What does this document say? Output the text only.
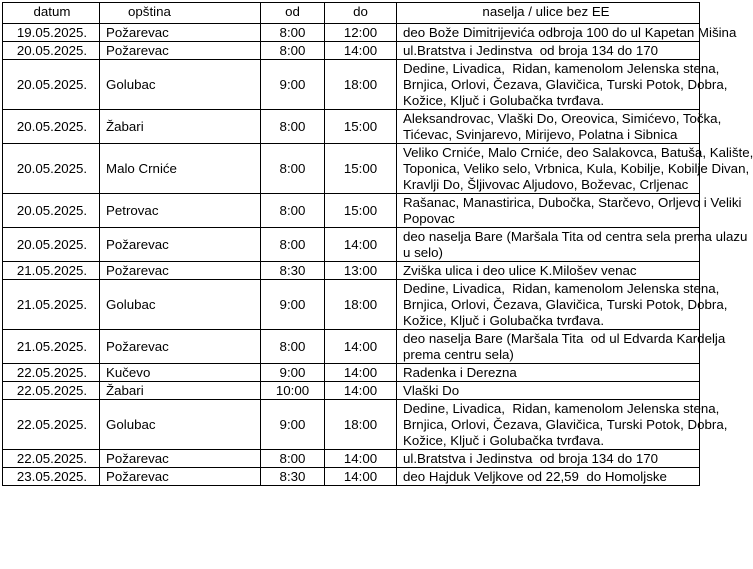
datum	opština	od	do	naselja / ulice bez EE
19.05.2025.	Požarevac	8:00	12:00	deo Bože Dimitrijevića odbroja 100 do ul Kapetan Mišina

20.05.2025.	Požarevac	8:00	14:00	ul.Bratstva i Jedinstva  od broja 134 do 170

20.05.2025.	Golubac	9:00	18:00	Dedine, Livadica,  Ridan, kamenolom Jelenska stena,
Brnjica, Orlovi, Čezava, Glavičica, Turski Potok, Dobra,
Kožice, Ključ i Golubačka tvrđava.

20.05.2025.	Žabari	8:00	15:00	Aleksandrovac, Vlaški Do, Oreovica, Simićevo, Točka,
Tićevac, Svinjarevo, Mirijevo, Polatna i Sibnica

20.05.2025.	Malo Crniće	8:00	15:00	Veliko Crniće, Malo Crniće, deo Salakovca, Batuša, Kalište,
Toponica, Veliko selo, Vrbnica, Kula, Kobilje, Kobilje Divan,
Kravlji Do, Šljivovac Aljudovo, Boževac, Crljenac

20.05.2025.	Petrovac	8:00	15:00	Rašanac, Manastirica, Dubočka, Starčevo, Orljevo i Veliki
Popovac

20.05.2025.	Požarevac	8:00	14:00	deo naselja Bare (Maršala Tita od centra sela prema ulazu
u selo)

21.05.2025.	Požarevac	8:30	13:00	Zviška ulica i deo ulice K.Milošev venac

21.05.2025.	Golubac	9:00	18:00	Dedine, Livadica,  Ridan, kamenolom Jelenska stena,
Brnjica, Orlovi, Čezava, Glavičica, Turski Potok, Dobra,
Kožice, Ključ i Golubačka tvrđava.

21.05.2025.	Požarevac	8:00	14:00	deo naselja Bare (Maršala Tita  od ul Edvarda Kardelja
prema centru sela)

22.05.2025.	Kučevo	9:00	14:00	Radenka i Derezna

22.05.2025.	Žabari	10:00	14:00	Vlaški Do

22.05.2025.	Golubac	9:00	18:00	Dedine, Livadica,  Ridan, kamenolom Jelenska stena,
Brnjica, Orlovi, Čezava, Glavičica, Turski Potok, Dobra,
Kožice, Ključ i Golubačka tvrđava.

22.05.2025.	Požarevac	8:00	14:00	ul.Bratstva i Jedinstva  od broja 134 do 170

23.05.2025.	Požarevac	8:30	14:00	deo Hajduk Veljkove od 22,59  do Homoljske
